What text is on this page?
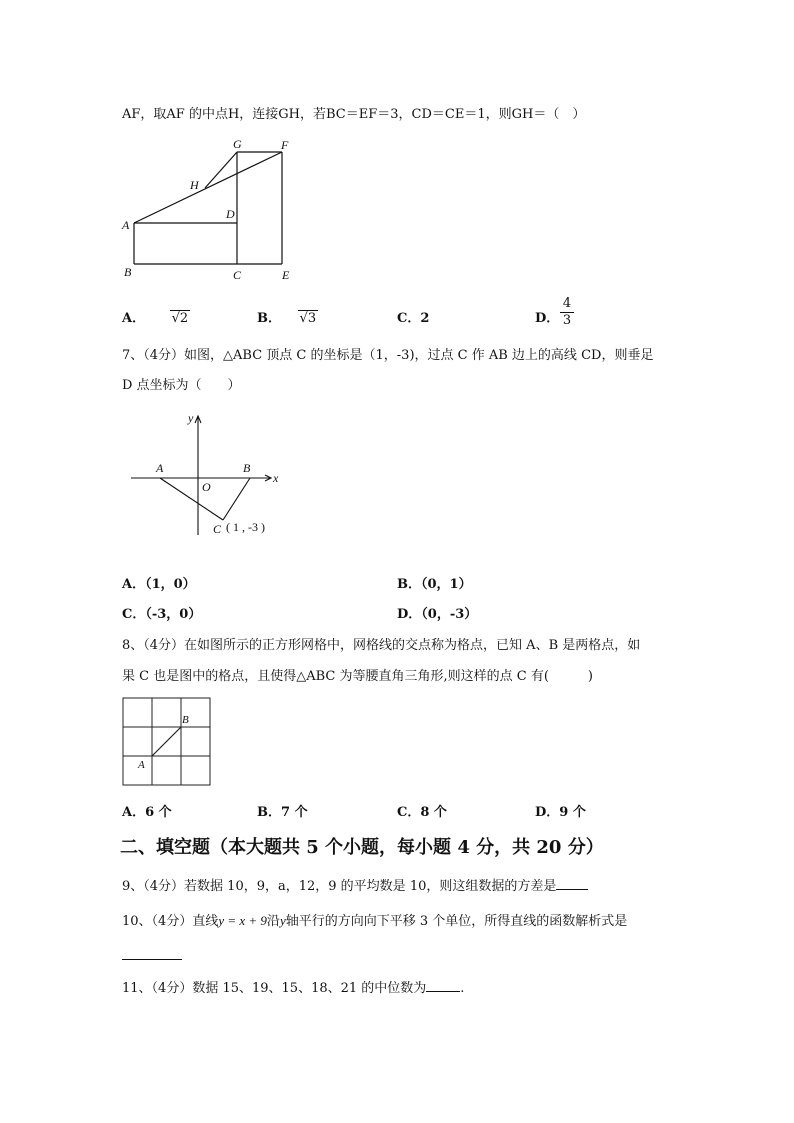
AF，取AF 的中点H，连接GH，若BC＝EF＝3，CD＝CE＝1，则GH＝（　）
G	F
H
A
D
B	C	E
A． √2	B． √3	C．2	D．
4
3
7、（4分）如图，△ABC 顶点 C 的坐标是（1，-3)，过点 C 作 AB 边上的高线 CD，则垂足
D 点坐标为（　　）
y
x
A	B
O
C ( 1 , -3 )
A．（1，0）	B．（0，1）
C．（-3，0）	D．（0，-3）
8、（4分）在如图所示的正方形网格中，网格线的交点称为格点，已知 A、B 是两格点，如
果 C 也是图中的格点，且使得△ABC 为等腰直角三角形,则这样的点 C 有(　　　)
A
B
A．6 个	B．7 个	C．8 个	D．9 个
二、填空题（本大题共 5 个小题，每小题 4 分，共 20 分）
9、（4分）若数据 10，9，a，12，9 的平均数是 10，则这组数据的方差是
10、（4分）直线y = x + 9沿y轴平行的方向向下平移 3 个单位，所得直线的函数解析式是
11、（4分）数据 15、19、15、18、21 的中位数为	.
